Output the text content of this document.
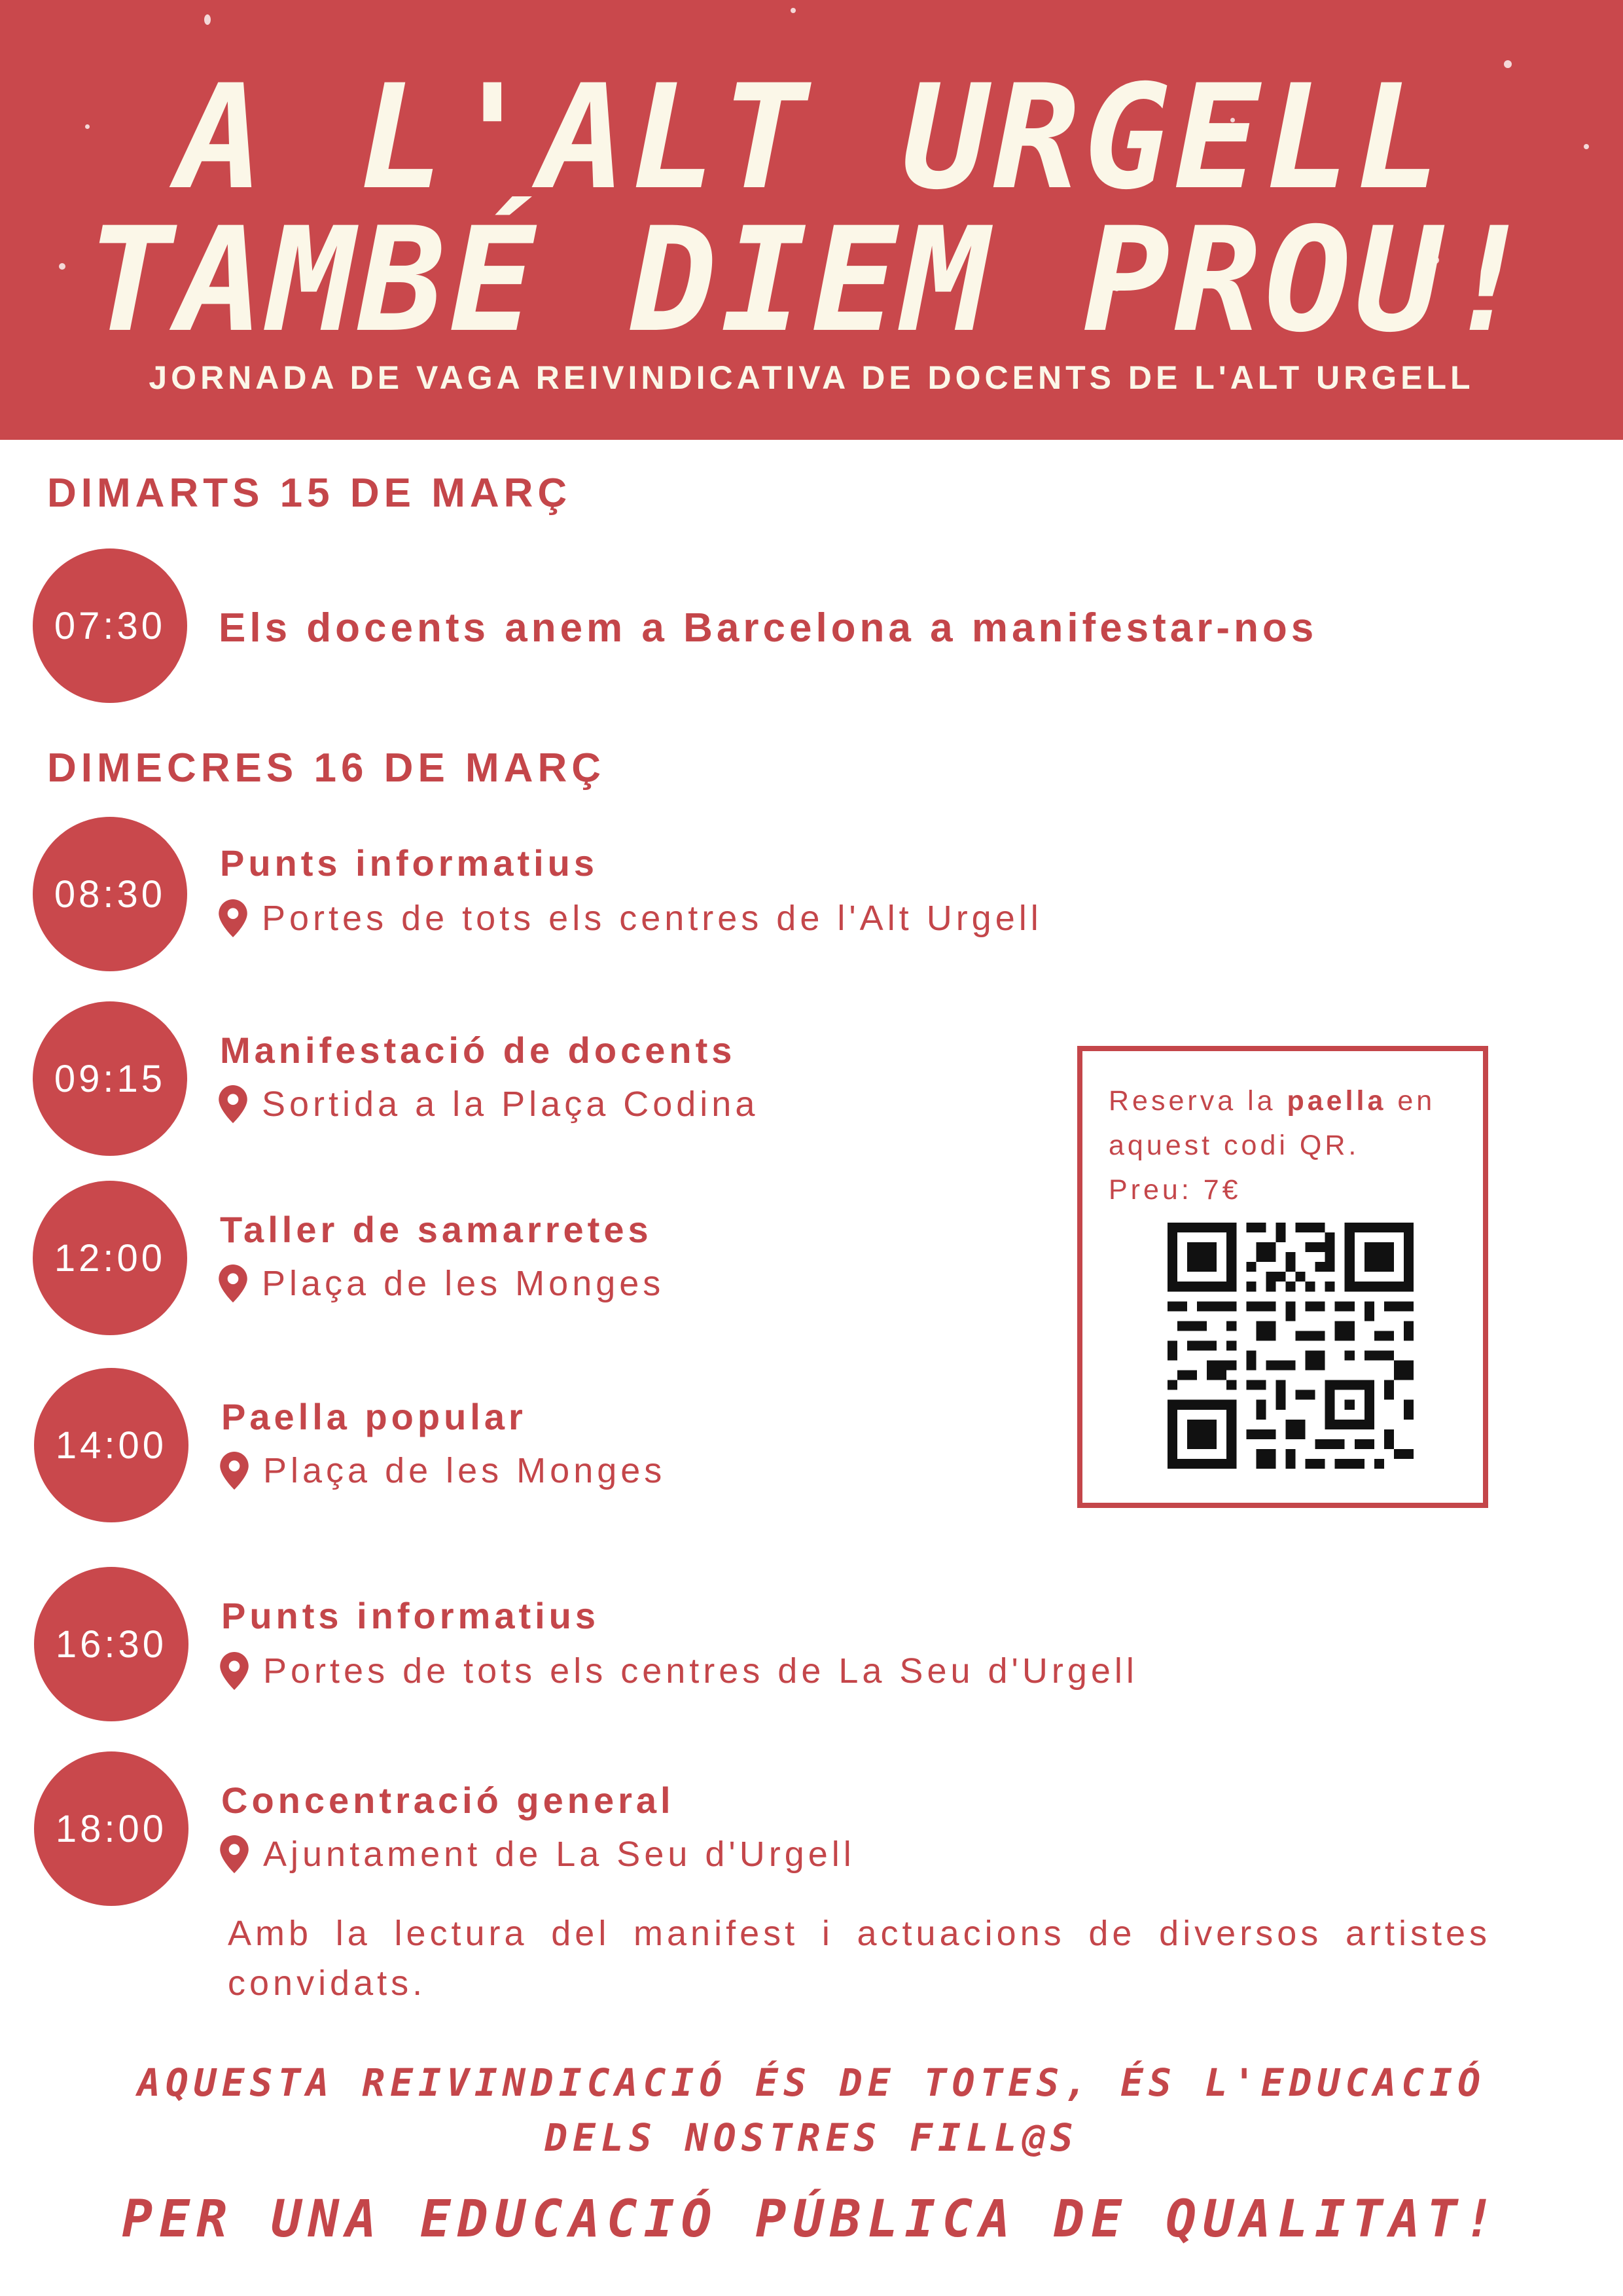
A L'ALT URGELL
TAMBÉ DIEM PROU!
JORNADA DE VAGA REIVINDICATIVA DE DOCENTS DE L'ALT URGELL
DIMARTS 15 DE MARÇ
07:30	Els docents anem a Barcelona a manifestar-nos
DIMECRES 16 DE MARÇ
08:30
Punts informatius
Portes de tots els centres de l'Alt Urgell
09:15
Manifestació de docents
Sortida a la Plaça Codina
12:00
Taller de samarretes
Plaça de les Monges
14:00
Paella popular
Plaça de les Monges
16:30
Punts informatius
Portes de tots els centres de La Seu d'Urgell
18:00
Concentració general
Ajuntament de La Seu d'Urgell
Amb la lectura del manifest i actuacions de diversos artistes convidats.
Reserva la paella en aquest codi QR.
Preu: 7€
AQUESTA REIVINDICACIÓ ÉS DE TOTES, ÉS L'EDUCACIÓ
DELS NOSTRES FILL@S
PER UNA EDUCACIÓ PÚBLICA DE QUALITAT!
